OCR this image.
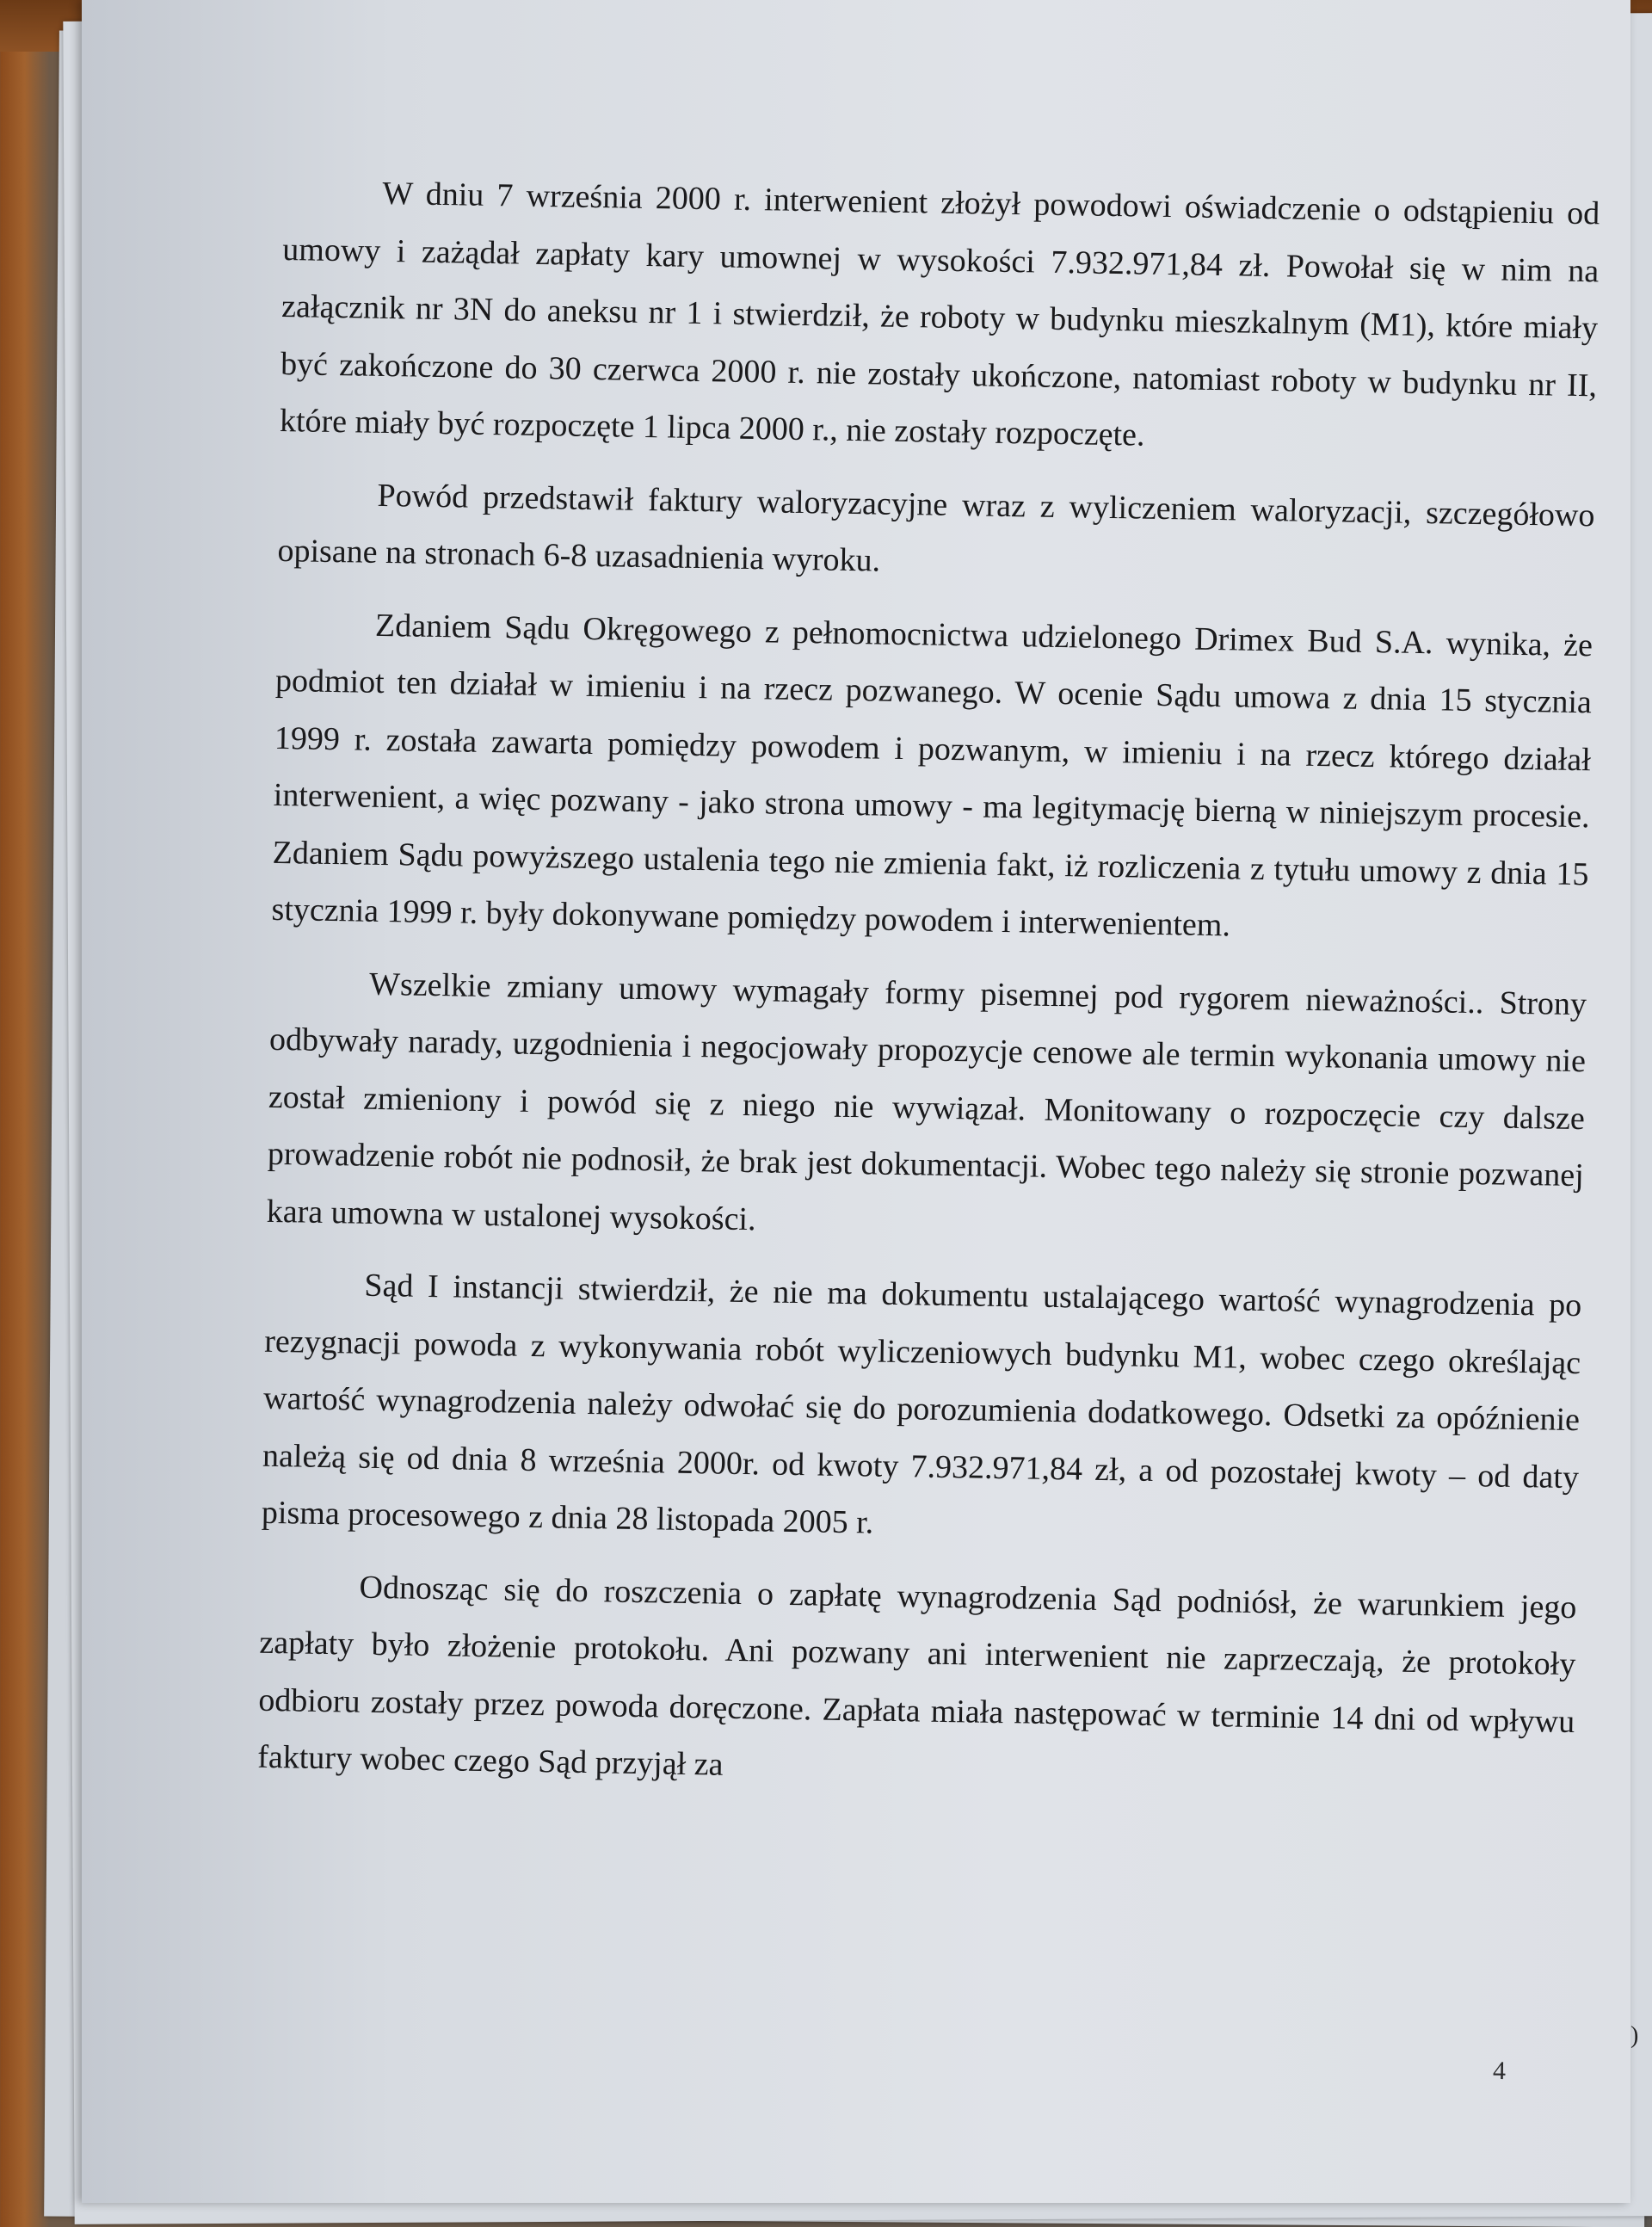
W dniu 7 września 2000 r. interwenient złożył powodowi oświadczenie o odstąpieniu od umowy i zażądał zapłaty kary umownej w wysokości 7.932.971,84 zł. Powołał się w nim na załącznik nr 3N do aneksu nr 1 i stwierdził, że roboty w budynku mieszkalnym (M1), które miały być zakończone do 30 czerwca 2000 r. nie zostały ukończone, natomiast roboty w budynku nr II, które miały być rozpoczęte 1 lipca 2000 r., nie zostały rozpoczęte.

Powód przedstawił faktury waloryzacyjne wraz z wyliczeniem waloryzacji, szczegółowo opisane na stronach 6-8 uzasadnienia wyroku.

Zdaniem Sądu Okręgowego z pełnomocnictwa udzielonego Drimex Bud S.A. wynika, że podmiot ten działał w imieniu i na rzecz pozwanego. W ocenie Sądu umowa z dnia 15 stycznia 1999 r. została zawarta pomiędzy powodem i pozwanym, w imieniu i na rzecz którego działał interwenient, a więc pozwany - jako strona umowy - ma legitymację bierną w niniejszym procesie. Zdaniem Sądu powyższego ustalenia tego nie zmienia fakt, iż rozliczenia z tytułu umowy z dnia 15 stycznia 1999 r. były dokonywane pomiędzy powodem i interwenientem.

Wszelkie zmiany umowy wymagały formy pisemnej pod rygorem nieważności.. Strony odbywały narady, uzgodnienia i negocjowały propozycje cenowe ale termin wykonania umowy nie został zmieniony i powód się z niego nie wywiązał. Monitowany o rozpoczęcie czy dalsze prowadzenie robót nie podnosił, że brak jest dokumentacji. Wobec tego należy się stronie pozwanej kara umowna w ustalonej wysokości.

Sąd I instancji stwierdził, że nie ma dokumentu ustalającego wartość wynagrodzenia po rezygnacji powoda z wykonywania robót wyliczeniowych budynku M1, wobec czego określając wartość wynagrodzenia należy odwołać się do porozumienia dodatkowego. Odsetki za opóźnienie należą się od dnia 8 września 2000r. od kwoty 7.932.971,84 zł, a od pozostałej kwoty – od daty pisma procesowego z dnia 28 listopada 2005 r.

Odnosząc się do roszczenia o zapłatę wynagrodzenia Sąd podniósł, że warunkiem jego zapłaty było złożenie protokołu. Ani pozwany ani interwenient nie zaprzeczają, że protokoły odbioru zostały przez powoda doręczone. Zapłata miała następować w terminie 14 dni od wpływu faktury wobec czego Sąd przyjął za

4
)
